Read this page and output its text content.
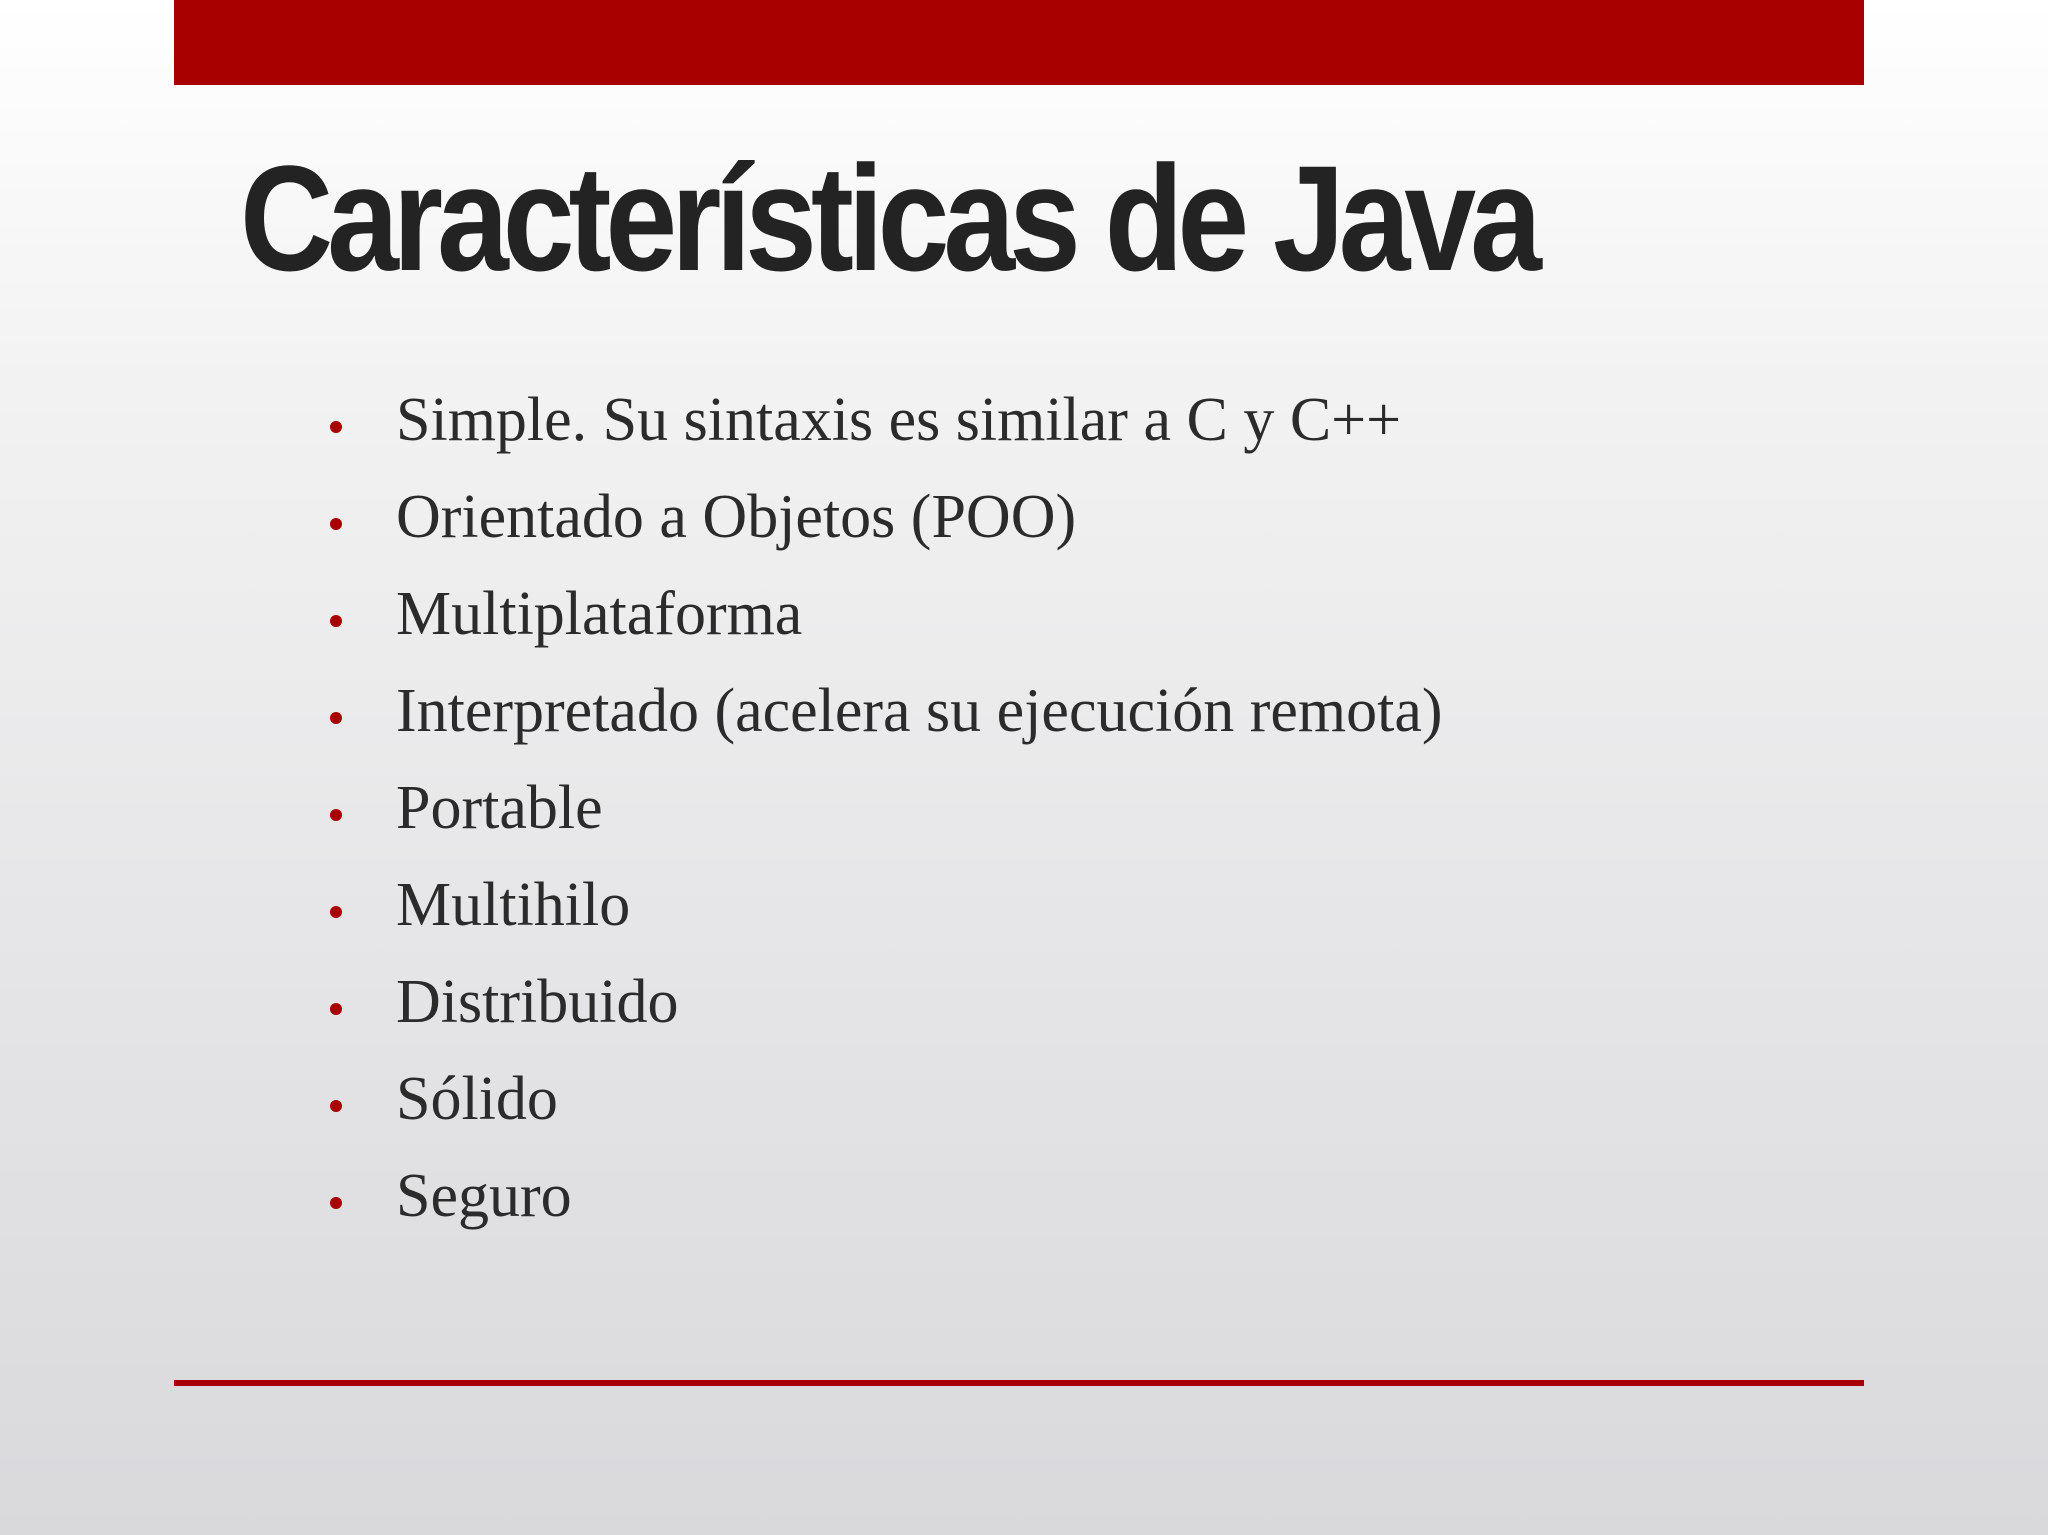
Características de Java
Simple. Su sintaxis es similar a C y C++
Orientado a Objetos (POO)
Multiplataforma
Interpretado (acelera su ejecución remota)
Portable
Multihilo
Distribuido
Sólido
Seguro
